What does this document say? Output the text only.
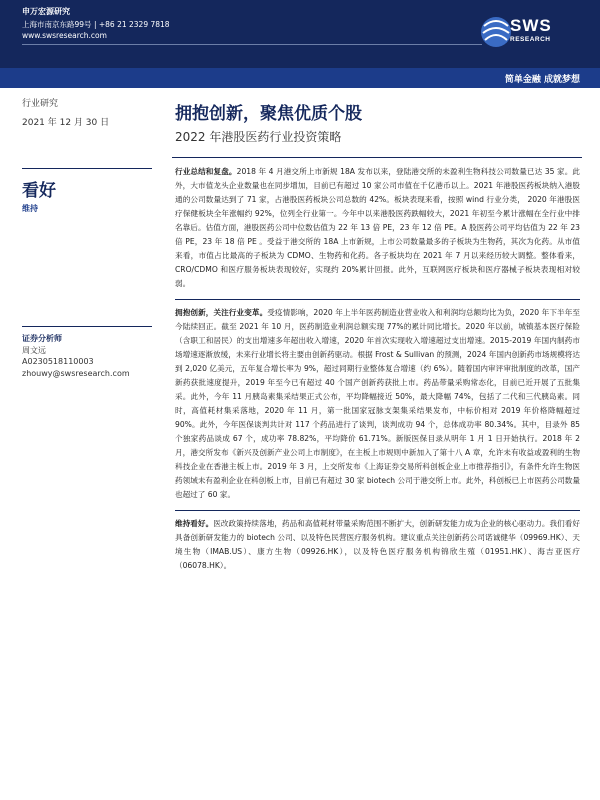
申万宏源研究
上海市南京东路99号 | +86 21 2329 7818
www.swsresearch.com
SWS
RESEARCH
简单金融 成就梦想
行业研究
2021 年 12 月 30 日
看好
维持
证券分析师
周文远
A0230518110003
zhouwy@swsresearch.com
拥抱创新，聚焦优质个股
2022 年港股医药行业投资策略

行业总结和复盘。2018 年 4 月港交所上市新规 18A 发布以来，登陆港交所的未盈利生物科技公司数量已达 35 家。此外，大市值龙头企业数量也在同步增加，目前已有超过 10 家公司市值在千亿港币以上。2021 年港股医药板块纳入港股通的公司数量达到了 71 家，占港股医药板块公司总数的 42%。板块表现来看，按照 wind 行业分类， 2020 年港股医疗保健板块全年涨幅约 92%，位列全行业第一。今年中以来港股医药跌幅较大，2021 年初至今累计涨幅在全行业中排名靠后。估值方面，港股医药公司中位数估值为 22 年 13 倍 PE，23 年 12 倍 PE。A 股医药公司平均估值为 22 年 23 倍 PE，23 年 18 倍 PE 。受益于港交所的 18A 上市新规，上市公司数量最多的子板块为生物药，其次为化药。从市值来看，市值占比最高的子板块为 CDMO、生物药和化药。各子板块均在 2021 年 7 月以来经历较大调整。整体看来，CRO/CDMO 和医疗服务板块表现较好，实现约 20%累计回报。此外，互联网医疗板块和医疗器械子板块表现相对较弱。

拥抱创新，关注行业变革。受疫情影响，2020 年上半年医药制造业营业收入和利润均总额均比为负，2020 年下半年至今陆续回正。截至 2021 年 10 月，医药制造业利润总额实现 77%的累计同比增长。2020 年以前，城镇基本医疗保险（含职工和居民）的支出增速多年超出收入增速，2020 年首次实现收入增速超过支出增速。2015-2019 年国内制药市场增速逐渐放缓，未来行业增长将主要由创新药驱动。根据 Frost & Sullivan 的预测，2024 年国内创新药市场规模将达到 2,020 亿美元，五年复合增长率为 9%，超过同期行业整体复合增速（约 6%）。随着国内审评审批制度的改革，国产新药获批速度提升，2019 年至今已有超过 40 个国产创新药获批上市。药品带量采购常态化，目前已近开展了五批集采。此外，今年 11 月胰岛素集采结果正式公布，平均降幅接近 50%，最大降幅 74%，包括了二代和三代胰岛素。同时，高值耗材集采落地，2020 年 11 月，第一批国家冠脉支架集采结果发布，中标价相对 2019 年价格降幅超过 90%。此外，今年医保谈判共计对 117 个药品进行了谈判，谈判成功 94 个，总体成功率 80.34%。其中，目录外 85 个独家药品谈成 67 个，成功率 78.82%，平均降价 61.71%。新版医保目录从明年 1 月 1 日开始执行。2018 年 2 月，港交所发布《新兴及创新产业公司上市制度》，在主板上市规则中新加入了第十八 A 章，允许未有收益或盈利的生物科技企业在香港主板上市。2019 年 3 月，上交所发布《上海证券交易所科创板企业上市推荐指引》，有条件允许生物医药领域未有盈利企业在科创板上市，目前已有超过 30 家 biotech 公司于港交所上市。此外，科创板已上市医药公司数量也超过了 60 家。

维持看好。医改政策持续落地，药品和高值耗材带量采购范围不断扩大，创新研发能力成为企业的核心驱动力。我们看好具备创新研发能力的 biotech 公司、以及特色民营医疗服务机构。建议重点关注创新药公司诺诚健华（09969.HK）、天境生物（IMAB.US）、康方生物（09926.HK），以及特色医疗服务机构锦欣生殖（01951.HK）、海吉亚医疗（06078.HK）。
